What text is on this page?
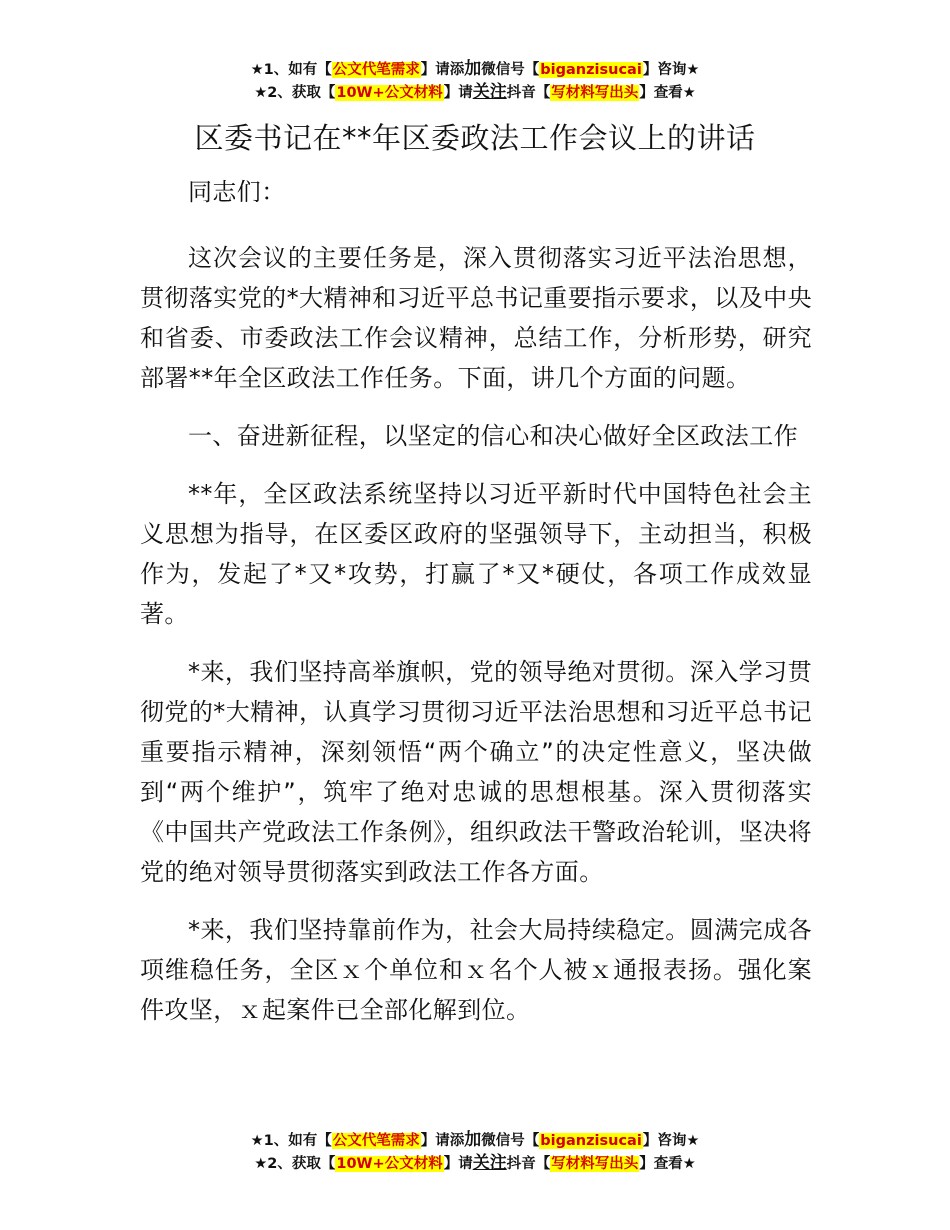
★1、如有【公文代笔需求】请添加微信号【biganzisucai】咨询★
★2、获取【10W+公文材料】请关注抖音【写材料写出头】查看★
区委书记在**年区委政法工作会议上的讲话

同志们：

这次会议的主要任务是，深入贯彻落实习近平法治思想，贯彻落实党的*大精神和习近平总书记重要指示要求，以及中央和省委、市委政法工作会议精神，总结工作，分析形势，研究部署**年全区政法工作任务。下面，讲几个方面的问题。

一、奋进新征程，以坚定的信心和决心做好全区政法工作

**年，全区政法系统坚持以习近平新时代中国特色社会主义思想为指导，在区委区政府的坚强领导下，主动担当，积极作为，发起了*又*攻势，打赢了*又*硬仗，各项工作成效显著。

*来，我们坚持高举旗帜，党的领导绝对贯彻。深入学习贯彻党的*大精神，认真学习贯彻习近平法治思想和习近平总书记重要指示精神，深刻领悟“两个确立”的决定性意义，坚决做到“两个维护”，筑牢了绝对忠诚的思想根基。深入贯彻落实《中国共产党政法工作条例》，组织政法干警政治轮训，坚决将党的绝对领导贯彻落实到政法工作各方面。

*来，我们坚持靠前作为，社会大局持续稳定。圆满完成各项维稳任务，全区ｘ个单位和ｘ名个人被ｘ通报表扬。强化案件攻坚，ｘ起案件已全部化解到位。

★1、如有【公文代笔需求】请添加微信号【biganzisucai】咨询★
★2、获取【10W+公文材料】请关注抖音【写材料写出头】查看★
